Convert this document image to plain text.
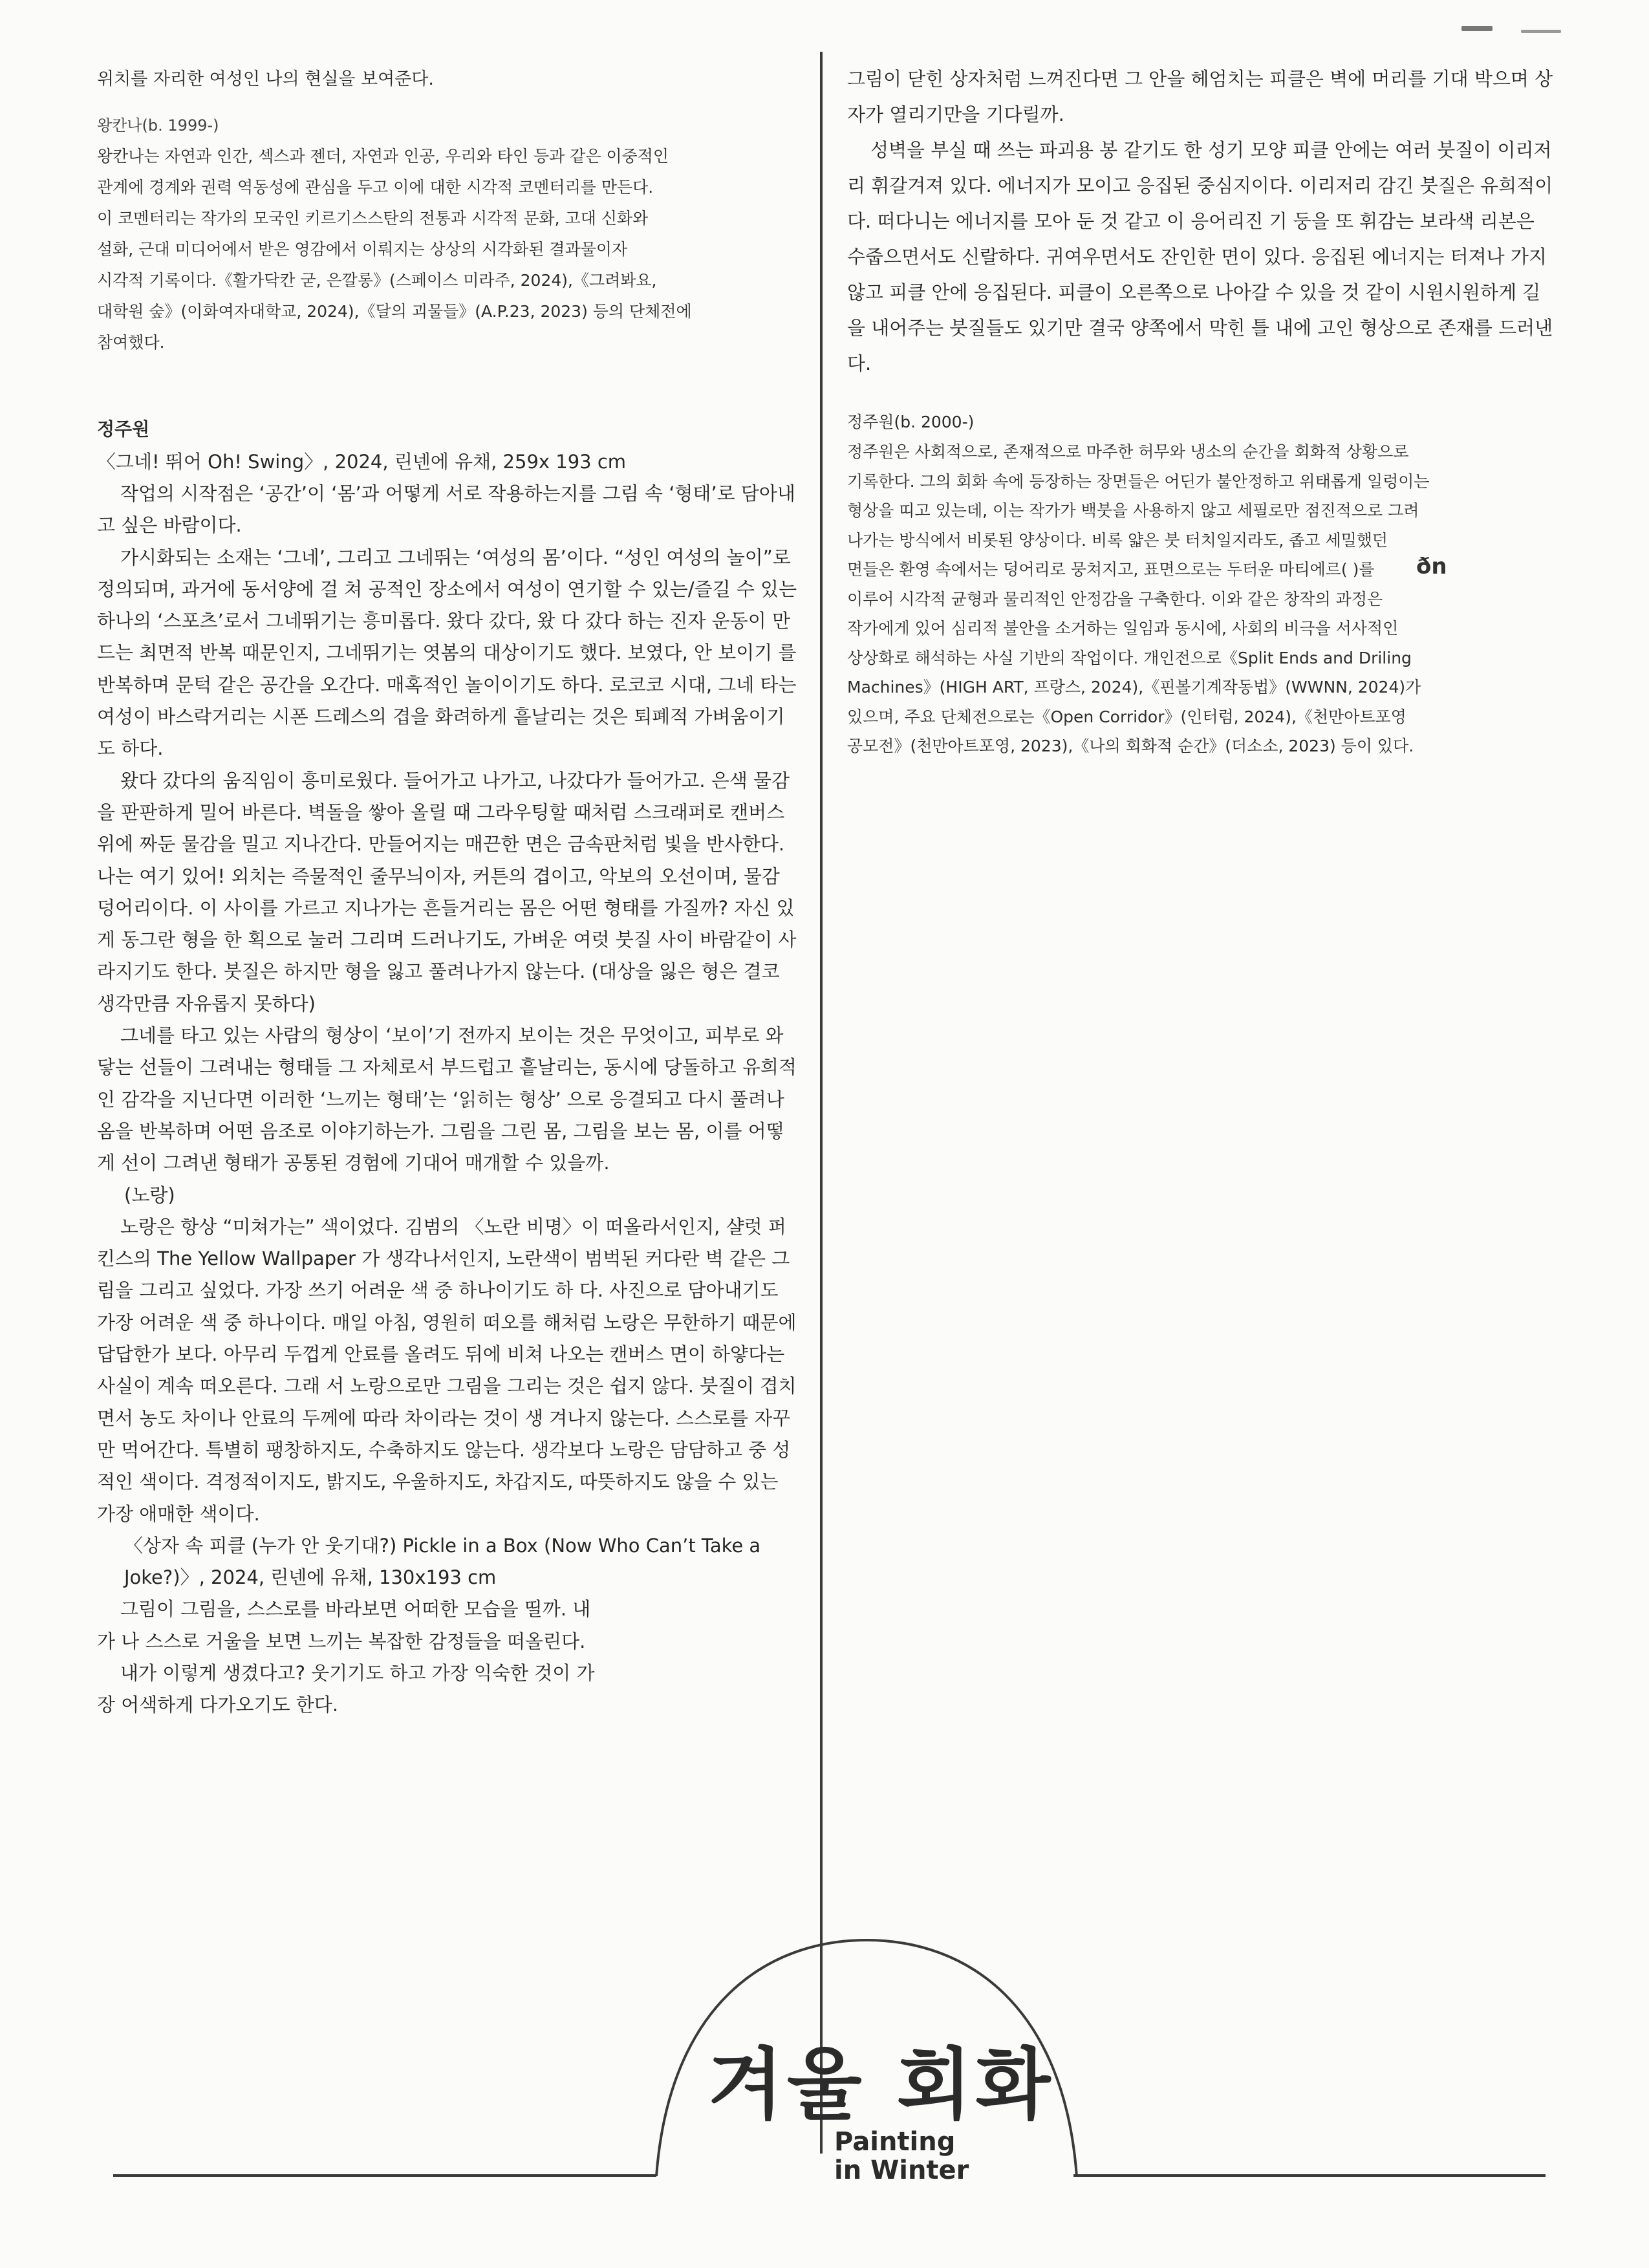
위치를 자리한 여성인 나의 현실을 보여준다.

왕칸나(b. 1999-)

왕칸나는 자연과 인간, 섹스과 젠더, 자연과 인공, 우리와 타인 등과 같은 이중적인

관계에 경계와 권력 역동성에 관심을 두고 이에 대한 시각적 코멘터리를 만든다.

이 코멘터리는 작가의 모국인 키르기스스탄의 전통과 시각적 문화, 고대 신화와

설화, 근대 미디어에서 받은 영감에서 이뤄지는 상상의 시각화된 결과물이자

시각적 기록이다.《활가닥칸 굳, 은깔롱》(스페이스 미라주, 2024),《그려봐요,

대학원 숲》(이화여자대학교, 2024),《달의 괴물들》(A.P.23, 2023) 등의 단체전에

참여했다.

정주원

〈그네! 뛰어 Oh! Swing〉, 2024, 린넨에 유채, 259x 193 cm

작업의 시작점은 ‘공간’이 ‘몸’과 어떻게 서로 작용하는지를 그림 속 ‘형태’로 담아내고 싶은 바람이다.

가시화되는 소재는 ‘그네’, 그리고 그네뛰는 ‘여성의 몸’이다. “성인 여성의 놀이”로 정의되며, 과거에 동서양에 걸 쳐 공적인 장소에서 여성이 연기할 수 있는/즐길 수 있는 하나의 ‘스포츠’로서 그네뛰기는 흥미롭다. 왔다 갔다, 왔 다 갔다 하는 진자 운동이 만드는 최면적 반복 때문인지, 그네뛰기는 엿봄의 대상이기도 했다. 보였다, 안 보이기 를 반복하며 문턱 같은 공간을 오간다. 매혹적인 놀이이기도 하다. 로코코 시대, 그네 타는 여성이 바스락거리는 시폰 드레스의 겹을 화려하게 흩날리는 것은 퇴폐적 가벼움이기도 하다.

왔다 갔다의 움직임이 흥미로웠다. 들어가고 나가고, 나갔다가 들어가고. 은색 물감을 판판하게 밀어 바른다. 벽돌을 쌓아 올릴 때 그라우팅할 때처럼 스크래퍼로 캔버스 위에 짜둔 물감을 밀고 지나간다. 만들어지는 매끈한 면은 금속판처럼 빛을 반사한다. 나는 여기 있어! 외치는 즉물적인 줄무늬이자, 커튼의 겹이고, 악보의 오선이며, 물감 덩어리이다. 이 사이를 가르고 지나가는 흔들거리는 몸은 어떤 형태를 가질까? 자신 있게 동그란 형을 한 획으로 눌러 그리며 드러나기도, 가벼운 여럿 붓질 사이 바람같이 사라지기도 한다. 붓질은 하지만 형을 잃고 풀려나가지 않는다. (대상을 잃은 형은 결코 생각만큼 자유롭지 못하다)

그네를 타고 있는 사람의 형상이 ‘보이’기 전까지 보이는 것은 무엇이고, 피부로 와 닿는 선들이 그려내는 형태들 그 자체로서 부드럽고 흩날리는, 동시에 당돌하고 유희적인 감각을 지닌다면 이러한 ‘느끼는 형태’는 ‘읽히는 형상’ 으로 응결되고 다시 풀려나옴을 반복하며 어떤 음조로 이야기하는가. 그림을 그린 몸, 그림을 보는 몸, 이를 어떻 게 선이 그려낸 형태가 공통된 경험에 기대어 매개할 수 있을까.

(노랑)

노랑은 항상 “미쳐가는” 색이었다. 김범의 〈노란 비명〉이 떠올라서인지, 샬럿 퍼킨스의 The Yellow Wallpaper 가 생각나서인지, 노란색이 범벅된 커다란 벽 같은 그림을 그리고 싶었다. 가장 쓰기 어려운 색 중 하나이기도 하 다. 사진으로 담아내기도 가장 어려운 색 중 하나이다. 매일 아침, 영원히 떠오를 해처럼 노랑은 무한하기 때문에 답답한가 보다. 아무리 두껍게 안료를 올려도 뒤에 비쳐 나오는 캔버스 면이 하얗다는 사실이 계속 떠오른다. 그래 서 노랑으로만 그림을 그리는 것은 쉽지 않다. 붓질이 겹치면서 농도 차이나 안료의 두께에 따라 차이라는 것이 생 겨나지 않는다. 스스로를 자꾸만 먹어간다. 특별히 팽창하지도, 수축하지도 않는다. 생각보다 노랑은 담담하고 중 성적인 색이다. 격정적이지도, 밝지도, 우울하지도, 차갑지도, 따뜻하지도 않을 수 있는 가장 애매한 색이다.

〈상자 속 피클 (누가 안 웃기대?) Pickle in a Box (Now Who Can’t Take a Joke?)〉, 2024, 린넨에 유채, 130x193 cm

그림이 그림을, 스스로를 바라보면 어떠한 모습을 띨까. 내가 나 스스로 거울을 보면 느끼는 복잡한 감정들을 떠올린다.

내가 이렇게 생겼다고? 웃기기도 하고 가장 익숙한 것이 가장 어색하게 다가오기도 한다.

그림이 닫힌 상자처럼 느껴진다면 그 안을 헤엄치는 피클은 벽에 머리를 기대 박으며 상자가 열리기만을 기다릴까.

성벽을 부실 때 쓰는 파괴용 봉 같기도 한 성기 모양 피클 안에는 여러 붓질이 이리저리 휘갈겨져 있다. 에너지가 모이고 응집된 중심지이다. 이리저리 감긴 붓질은 유희적이다. 떠다니는 에너지를 모아 둔 것 같고 이 응어리진 기 둥을 또 휘감는 보라색 리본은 수줍으면서도 신랄하다. 귀여우면서도 잔인한 면이 있다. 응집된 에너지는 터져나 가지 않고 피클 안에 응집된다. 피클이 오른쪽으로 나아갈 수 있을 것 같이 시원시원하게 길을 내어주는 붓질들도 있기만 결국 양쪽에서 막힌 틀 내에 고인 형상으로 존재를 드러낸다.

정주원(b. 2000-)

정주원은 사회적으로, 존재적으로 마주한 허무와 냉소의 순간을 회화적 상황으로

기록한다. 그의 회화 속에 등장하는 장면들은 어딘가 불안정하고 위태롭게 일렁이는

형상을 띠고 있는데, 이는 작가가 백붓을 사용하지 않고 세필로만 점진적으로 그려

나가는 방식에서 비롯된 양상이다. 비록 얇은 붓 터치일지라도, 좁고 세밀했던

면들은 환영 속에서는 덩어리로 뭉쳐지고, 표면으로는 두터운 마티에르( )를

이루어 시각적 균형과 물리적인 안정감을 구축한다. 이와 같은 창작의 과정은

작가에게 있어 심리적 불안을 소거하는 일임과 동시에, 사회의 비극을 서사적인

상상화로 해석하는 사실 기반의 작업이다. 개인전으로《Split Ends and Driling

Machines》(HIGH ART, 프랑스, 2024),《핀볼기계작동법》(WWNN, 2024)가

있으며, 주요 단체전으로는《Open Corridor》(인터럼, 2024),《천만아트포영

공모전》(천만아트포영, 2023),《나의 회화적 순간》(더소소, 2023) 등이 있다.

ðn
겨울 회화
Painting
in Winter
